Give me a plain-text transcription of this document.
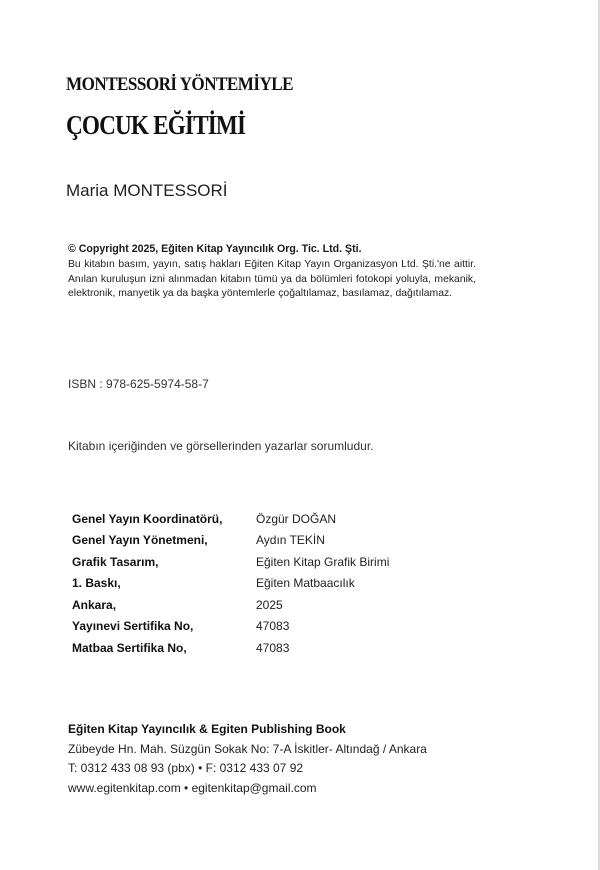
MONTESSORİ YÖNTEMİYLE
ÇOCUK EĞİTİMİ
Maria MONTESSORİ
© Copyright 2025, Eğiten Kitap Yayıncılık Org. Tic. Ltd. Şti.
Bu kitabın basım, yayın, satış hakları Eğiten Kitap Yayın Organizasyon Ltd. Şti.'ne aittir. Anılan kuruluşun izni alınmadan kitabın tümü ya da bölümleri fotokopi yoluyla, mekanik, elektronik, manyetik ya da başka yöntemlerle çoğaltılamaz, basılamaz, dağıtılamaz.
ISBN : 978-625-5974-58-7
Kitabın içeriğinden ve görsellerinden yazarlar sorumludur.
Genel Yayın Koordinatörü,	Özgür DOĞAN
Genel Yayın Yönetmeni,	Aydın TEKİN
Grafik Tasarım,	Eğiten Kitap Grafik Birimi
1. Baskı,	Eğiten Matbaacılık
Ankara,	2025
Yayınevi Sertifika No,	47083
Matbaa Sertifika No,	47083
Eğiten Kitap Yayıncılık & Egiten Publishing Book
Zübeyde Hn. Mah. Süzgün Sokak No: 7-A İskitler- Altındağ / Ankara
T: 0312 433 08 93 (pbx) • F: 0312 433 07 92
www.egitenkitap.com • egitenkitap@gmail.com
